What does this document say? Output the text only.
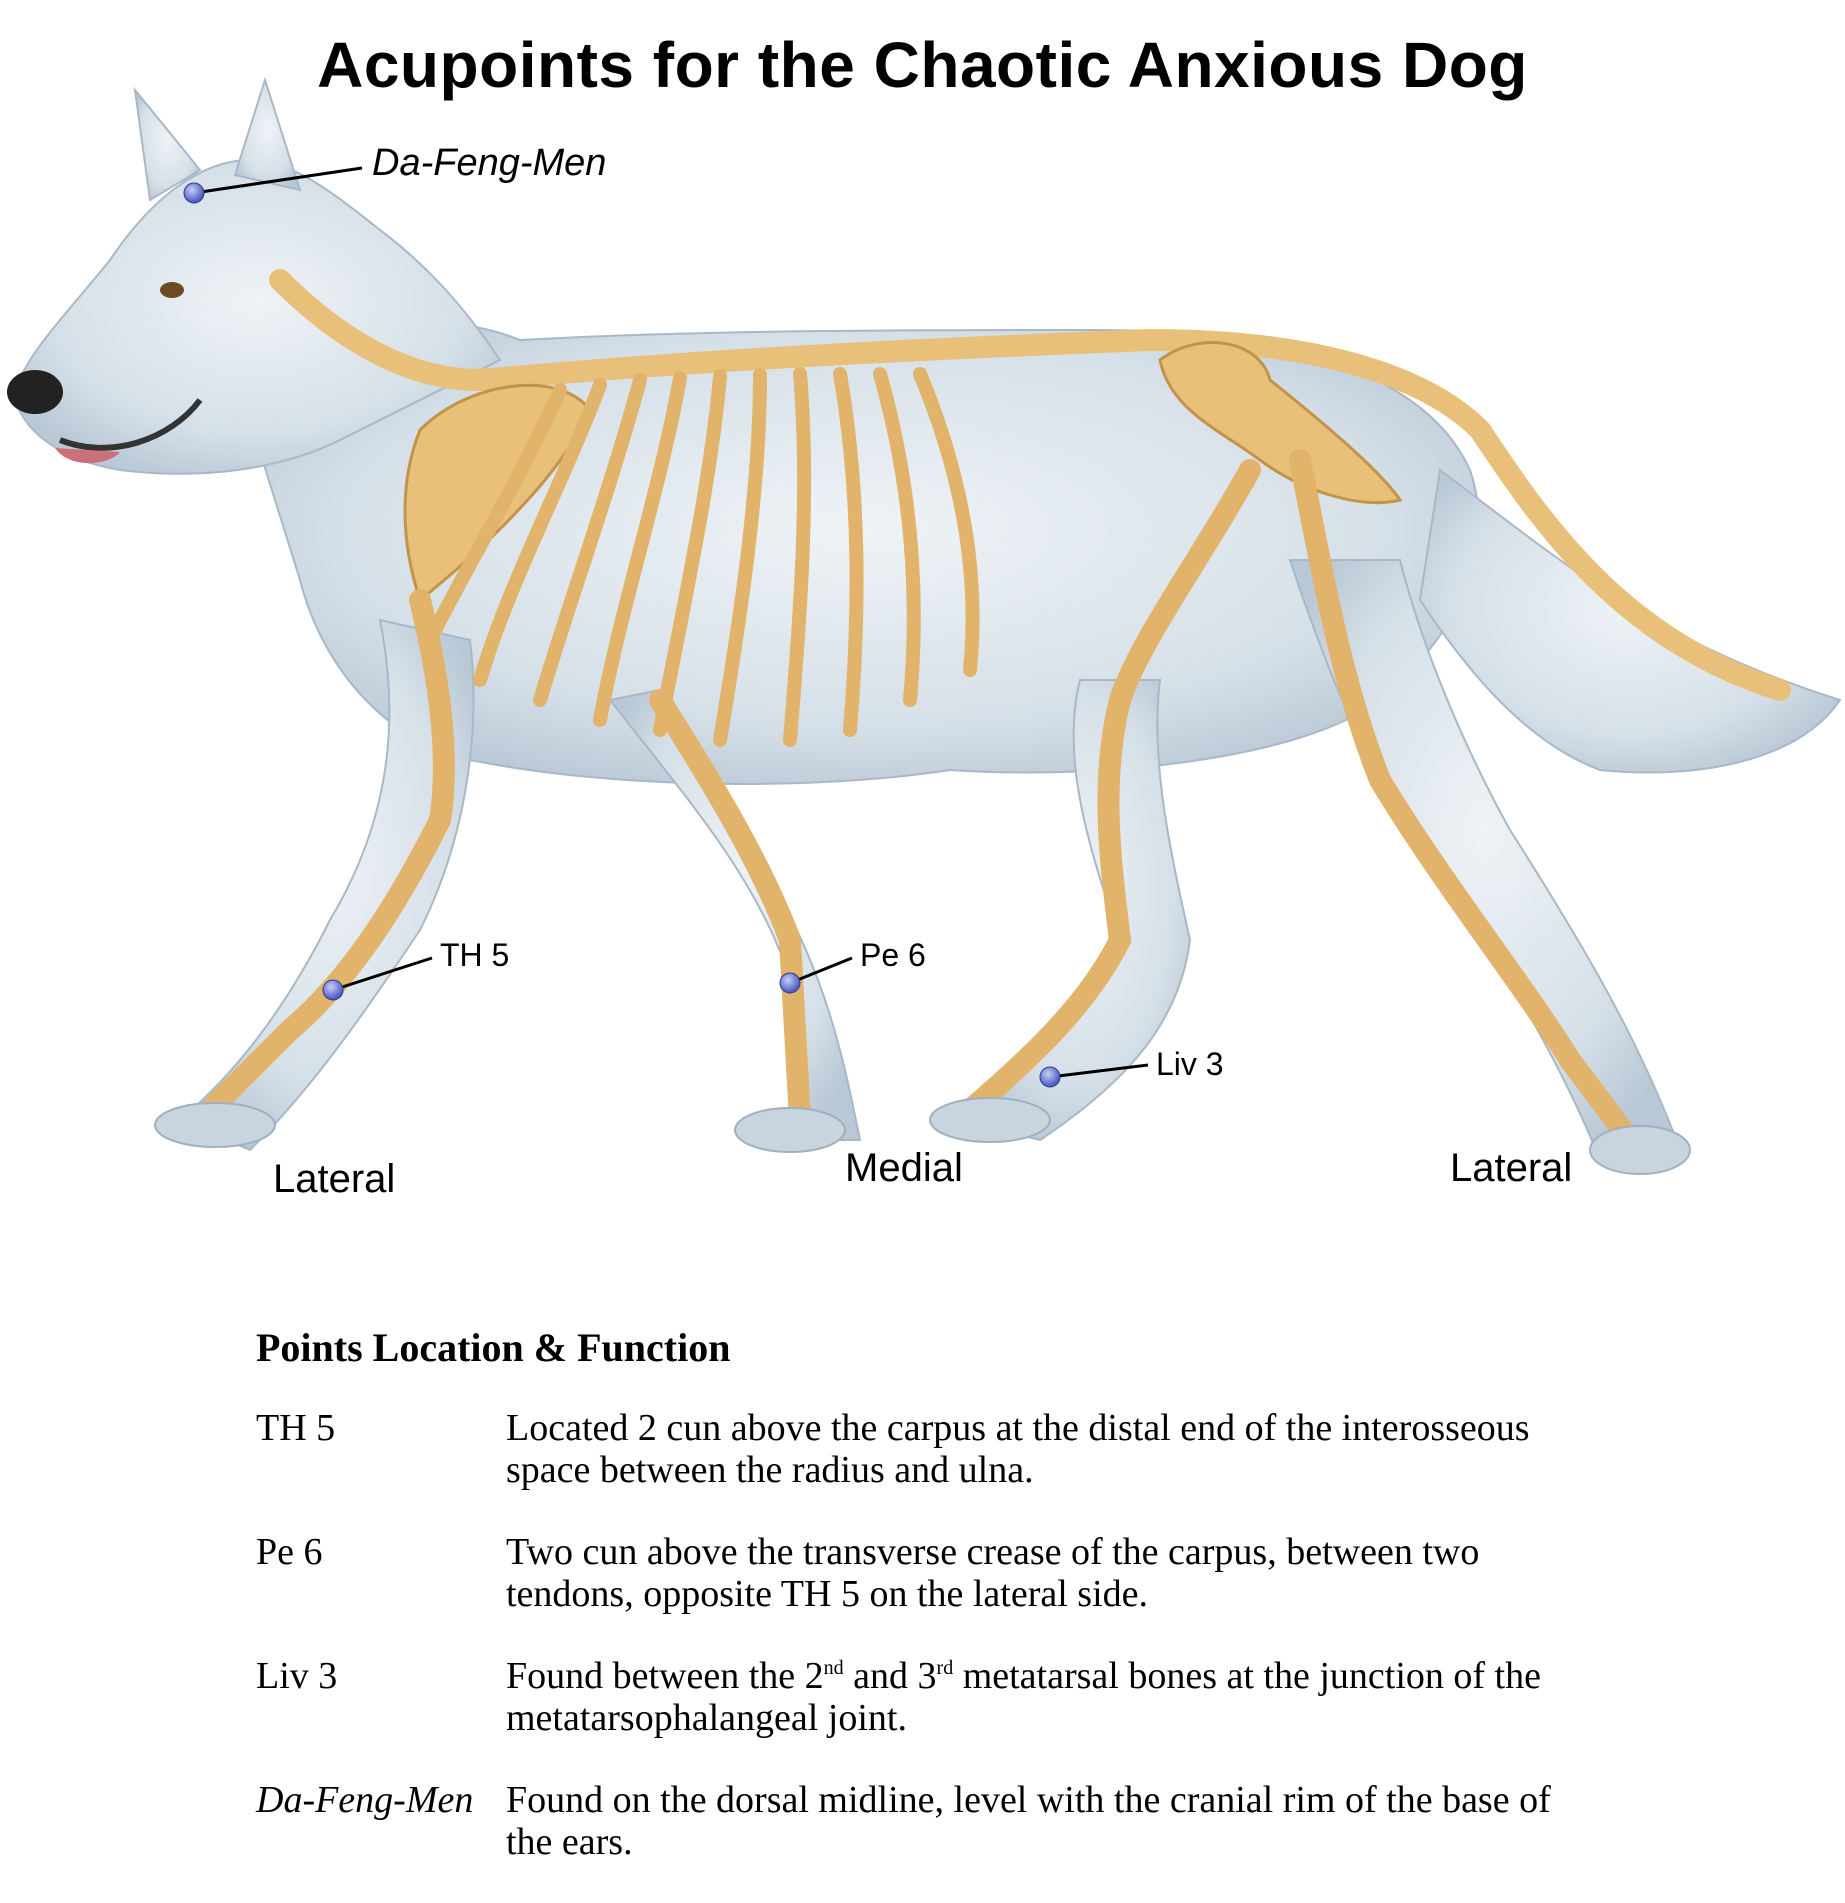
Acupoints for the Chaotic Anxious Dog
Da-Feng-Men
TH 5	Pe 6
Liv 3
Lateral	Medial	Lateral
Points Location & Function
TH 5	Located 2 cun above the carpus at the distal end of the interosseous space between the radius and ulna.
Pe 6	Two cun above the transverse crease of the carpus, between two tendons, opposite TH 5 on the lateral side.
Liv 3	Found between the 2nd and 3rd metatarsal bones at the junction of the metatarsophalangeal joint.
Da-Feng-Men Found on the dorsal midline, level with the cranial rim of the base of the ears.
